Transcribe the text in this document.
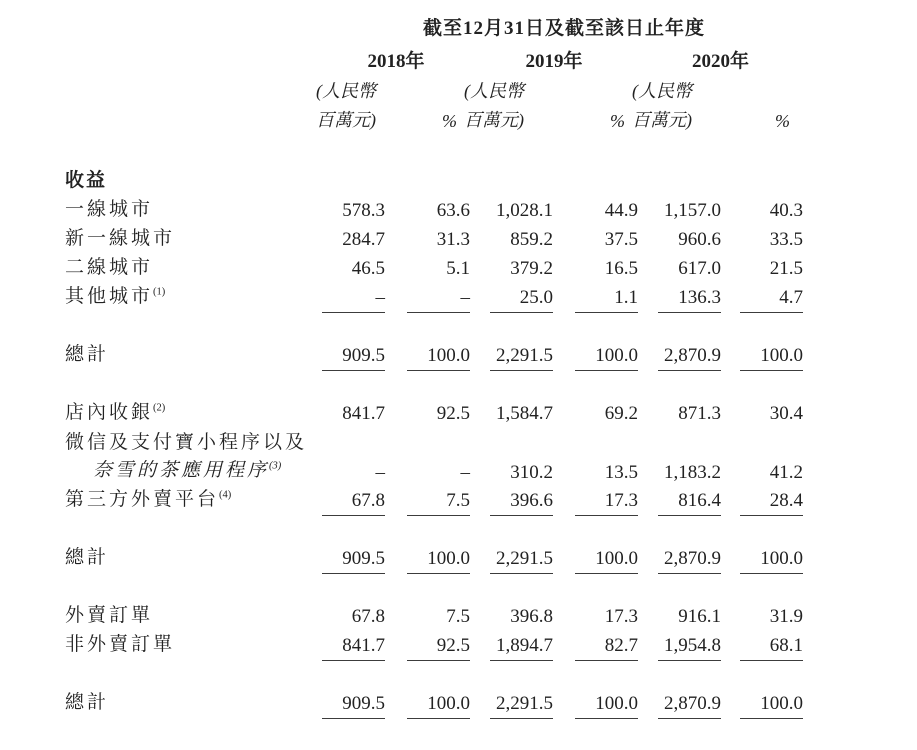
截至12月31日及截至該日止年度
2018年	2019年	2020年
(人民幣	(人民幣	(人民幣
百萬元)	% 百萬元)	% 百萬元)	%
收益
一線城市	578.3	63.6	1,028.1	44.9	1,157.0	40.3
新一線城市	284.7	31.3	859.2	37.5	960.6	33.5
二線城市	46.5	5.1	379.2	16.5	617.0	21.5
其他城市$^{(1)}$	–	–	25.0	1.1	136.3	4.7
總計	909.5	100.0	2,291.5	100.0	2,870.9	100.0
店內收銀$^{(2)}$	841.7	92.5	1,584.7	69.2	871.3	30.4
微信及支付寶小程序以及
奈雪的茶應用程序$^{(3)}$	–	–	310.2	13.5	1,183.2	41.2
第三方外賣平台$^{(4)}$	67.8	7.5	396.6	17.3	816.4	28.4
總計	909.5	100.0	2,291.5	100.0	2,870.9	100.0
外賣訂單	67.8	7.5	396.8	17.3	916.1	31.9
非外賣訂單	841.7	92.5	1,894.7	82.7	1,954.8	68.1
總計	909.5	100.0	2,291.5	100.0	2,870.9	100.0
